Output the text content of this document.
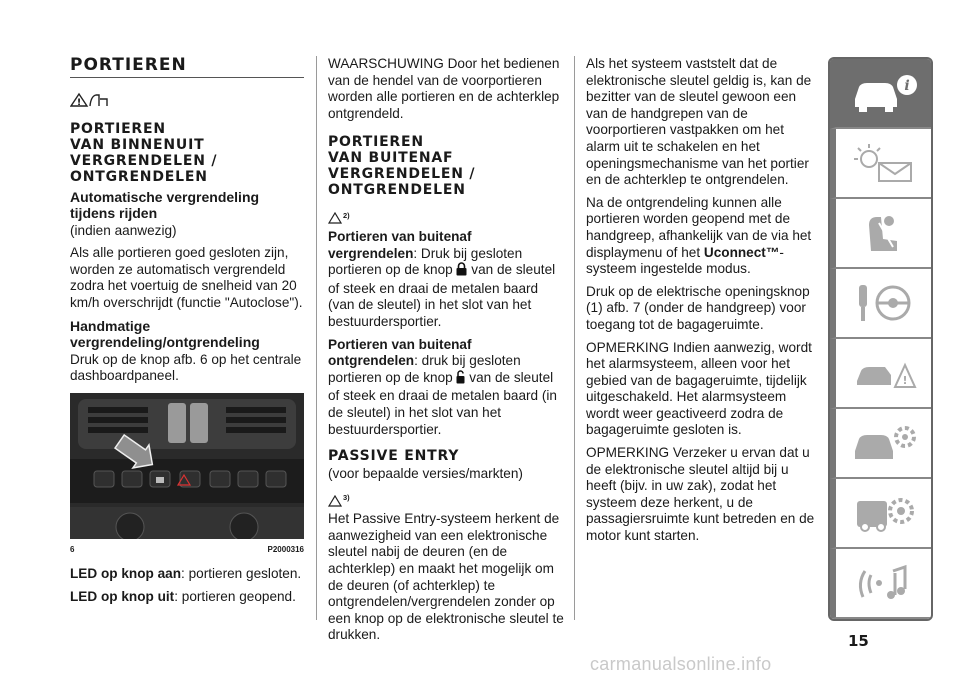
PORTIEREN
!
PORTIEREN
VAN BINNENUIT
VERGRENDELEN /
ONTGRENDELEN
Automatische vergrendeling tijdens rijden

(indien aanwezig)

Als alle portieren goed gesloten zijn, worden ze automatisch vergrendeld zodra het voertuig de snelheid van 20 km/h overschrijdt (functie "Autoclose").

Handmatige vergrendeling/ontgrendeling

Druk op de knop afb. 6 op het centrale dashboardpaneel.

6	P2000316

LED op knop aan: portieren gesloten.

LED op knop uit: portieren geopend.

WAARSCHUWING Door het bedienen van de hendel van de voorportieren worden alle portieren en de achterklep ontgrendeld.

PORTIEREN
VAN BUITENAF
VERGRENDELEN /
ONTGRENDELEN
2)

Portieren van buitenaf vergrendelen: Druk bij gesloten portieren op de knop van de sleutel of steek en draai de metalen baard (van de sleutel) in het slot van het bestuurdersportier.

Portieren van buitenaf ontgrendelen: druk bij gesloten portieren op de knop van de sleutel of steek en draai de metalen baard (in de sleutel) in het slot van het bestuurdersportier.

PASSIVE ENTRY

(voor bepaalde versies/markten)

3)

Het Passive Entry-systeem herkent de aanwezigheid van een elektronische sleutel nabij de deuren (en de achterklep) en maakt het mogelijk om de deuren (of achterklep) te ontgrendelen/vergrendelen zonder op een knop op de elektronische sleutel te drukken.

Als het systeem vaststelt dat de elektronische sleutel geldig is, kan de bezitter van de sleutel gewoon een van de handgrepen van de voorportieren vastpakken om het alarm uit te schakelen en het openingsmechanisme van het portier en de achterklep te ontgrendelen.

Na de ontgrendeling kunnen alle portieren worden geopend met de handgreep, afhankelijk van de via het displaymenu of het Uconnect™-systeem ingestelde modus.

Druk op de elektrische openingsknop (1) afb. 7 (onder de handgreep) voor toegang tot de bagageruimte.

OPMERKING Indien aanwezig, wordt het alarmsysteem, alleen voor het gebied van de bagageruimte, tijdelijk uitgeschakeld. Het alarmsysteem wordt weer geactiveerd zodra de bagageruimte gesloten is.

OPMERKING Verzeker u ervan dat u de elektronische sleutel altijd bij u heeft (bijv. in uw zak), zodat het systeem deze herkent, u de passagiersruimte kunt betreden en de motor kunt starten.

i
!
15
carmanualsonline.info
